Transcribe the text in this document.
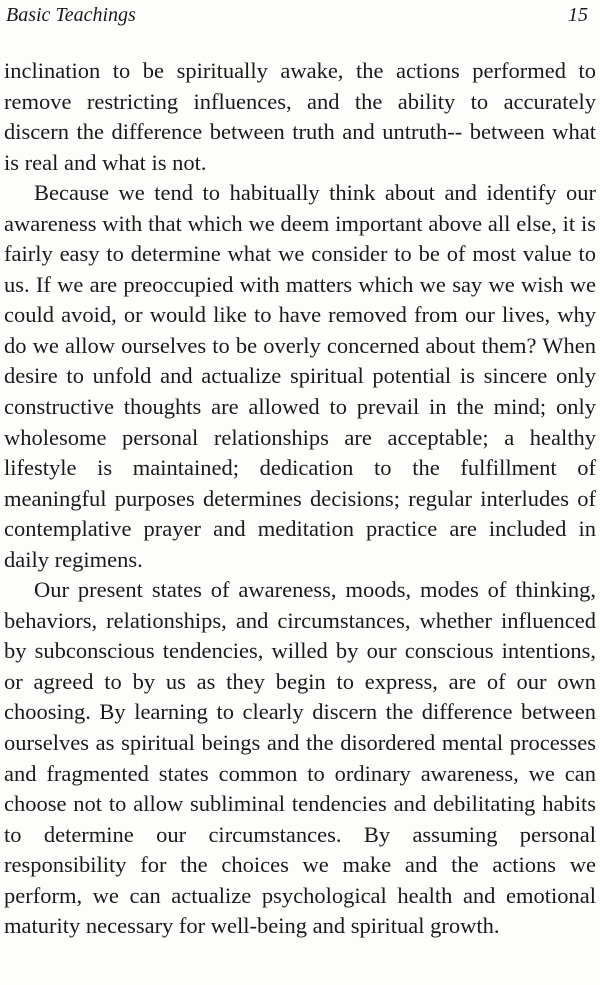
Basic Teachings	15

inclination to be spiritually awake, the actions performed to remove restricting influences, and the ability to accurately discern the difference between truth and untruth-- between what is real and what is not.

Because we tend to habitually think about and identify our awareness with that which we deem important above all else, it is fairly easy to determine what we consider to be of most value to us. If we are preoccupied with matters which we say we wish we could avoid, or would like to have removed from our lives, why do we allow ourselves to be overly concerned about them? When desire to unfold and actualize spiritual potential is sincere only constructive thoughts are allowed to prevail in the mind; only wholesome personal relationships are acceptable; a healthy lifestyle is maintained; dedication to the fulfillment of meaningful purposes determines decisions; regular interludes of contemplative prayer and meditation practice are included in daily regimens.

Our present states of awareness, moods, modes of thinking, behaviors, relationships, and circumstances, whether influenced by subconscious tendencies, willed by our conscious intentions, or agreed to by us as they begin to express, are of our own choosing. By learning to clearly discern the difference between ourselves as spiritual beings and the disordered mental processes and fragmented states common to ordinary awareness, we can choose not to allow subliminal tendencies and debilitating habits to determine our circumstances. By assuming personal responsibility for the choices we make and the actions we perform, we can actualize psychological health and emotional maturity necessary for well-being and spiritual growth.
